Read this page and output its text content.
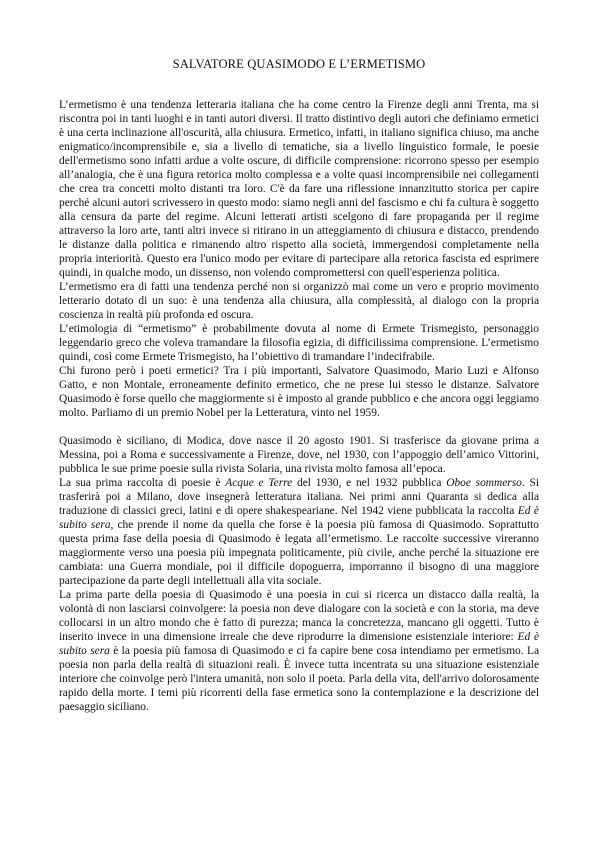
SALVATORE QUASIMODO E L’ERMETISMO

L’ermetismo è una tendenza letteraria italiana che ha come centro la Firenze degli anni Trenta, ma si riscontra poi in tanti luoghi e in tanti autori diversi. Il tratto distintivo degli autori che definiamo ermetici è una certa inclinazione all'oscurità, alla chiusura. Ermetico, infatti, in italiano significa chiuso, ma anche enigmatico/incomprensibile e, sia a livello di tematiche, sia a livello linguistico formale, le poesie dell'ermetismo sono infatti ardue a volte oscure, di difficile comprensione: ricorrono spesso per esempio all’analogia, che è una figura retorica molto complessa e a volte quasi incomprensibile nei collegamenti che crea tra concetti molto distanti tra loro. C'è da fare una riflessione innanzitutto storica per capire perché alcuni autori scrivessero in questo modo: siamo negli anni del fascismo e chi fa cultura è soggetto alla censura da parte del regime. Alcuni letterati artisti scelgono di fare propaganda per il regime attraverso la loro arte, tanti altri invece si ritirano in un atteggiamento di chiusura e distacco, prendendo le distanze dalla politica e rimanendo altro rispetto alla società, immergendosi completamente nella propria interiorità. Questo era l'unico modo per evitare di partecipare alla retorica fascista ed esprimere quindi, in qualche modo, un dissenso, non volendo compromettersi con quell'esperienza politica.

L’ermetismo era di fatti una tendenza perché non si organizzò mai come un vero e proprio movimento letterario dotato di un suo: è una tendenza alla chiusura, alla complessità, al dialogo con la propria coscienza in realtà più profonda ed oscura.

L’etimologia di “ermetismo” è probabilmente dovuta al nome di Ermete Trismegisto, personaggio leggendario greco che voleva tramandare la filosofia egizia, di difficilissima comprensione. L’ermetismo quindi, così come Ermete Trismegisto, ha l’obiettivo di tramandare l’indecifrabile.

Chi furono però i poeti ermetici? Tra i più importanti, Salvatore Quasimodo, Mario Luzi e Alfonso Gatto, e non Montale, erroneamente definito ermetico, che ne prese lui stesso le distanze. Salvatore Quasimodo è forse quello che maggiormente si è imposto al grande pubblico e che ancora oggi leggiamo molto. Parliamo di un premio Nobel per la Letteratura, vinto nel 1959.

Quasimodo è siciliano, di Modica, dove nasce il 20 agosto 1901. Si trasferisce da giovane prima a Messina, poi a Roma e successivamente a Firenze, dove, nel 1930, con l’appoggio dell’amico Vittorini, pubblica le sue prime poesie sulla rivista Solaria, una rivista molto famosa all’epoca.

La sua prima raccolta di poesie è Acque e Terre del 1930, e nel 1932 pubblica Oboe sommerso. Si trasferirà poi a Milano, dove insegnerà letteratura italiana. Nei primi anni Quaranta si dedica alla traduzione di classici greci, latini e di opere shakespeariane. Nel 1942 viene pubblicata la raccolta Ed è subito sera, che prende il nome da quella che forse è la poesia più famosa di Quasimodo. Soprattutto questa prima fase della poesia di Quasimodo è legata all’ermetismo. Le raccolte successive vireranno maggiormente verso una poesia più impegnata politicamente, più civile, anche perché la situazione ere cambiata: una Guerra mondiale, poi il difficile dopoguerra, imporranno il bisogno di una maggiore partecipazione da parte degli intellettuali alla vita sociale.

La prima parte della poesia di Quasimodo è una poesia in cui si ricerca un distacco dalla realtà, la volontà di non lasciarsi coinvolgere: la poesia non deve dialogare con la società e con la storia, ma deve collocarsi in un altro mondo che è fatto di purezza; manca la concretezza, mancano gli oggetti. Tutto è inserito invece in una dimensione irreale che deve riprodurre la dimensione esistenziale interiore: Ed è subito sera è la poesia più famosa di Quasimodo e ci fa capire bene cosa intendiamo per ermetismo. La poesia non parla della realtà di situazioni reali. È invece tutta incentrata su una situazione esistenziale interiore che coinvolge però l'intera umanità, non solo il poeta. Parla della vita, dell'arrivo dolorosamente rapido della morte. I temi più ricorrenti della fase ermetica sono la contemplazione e la descrizione del paesaggio siciliano.
